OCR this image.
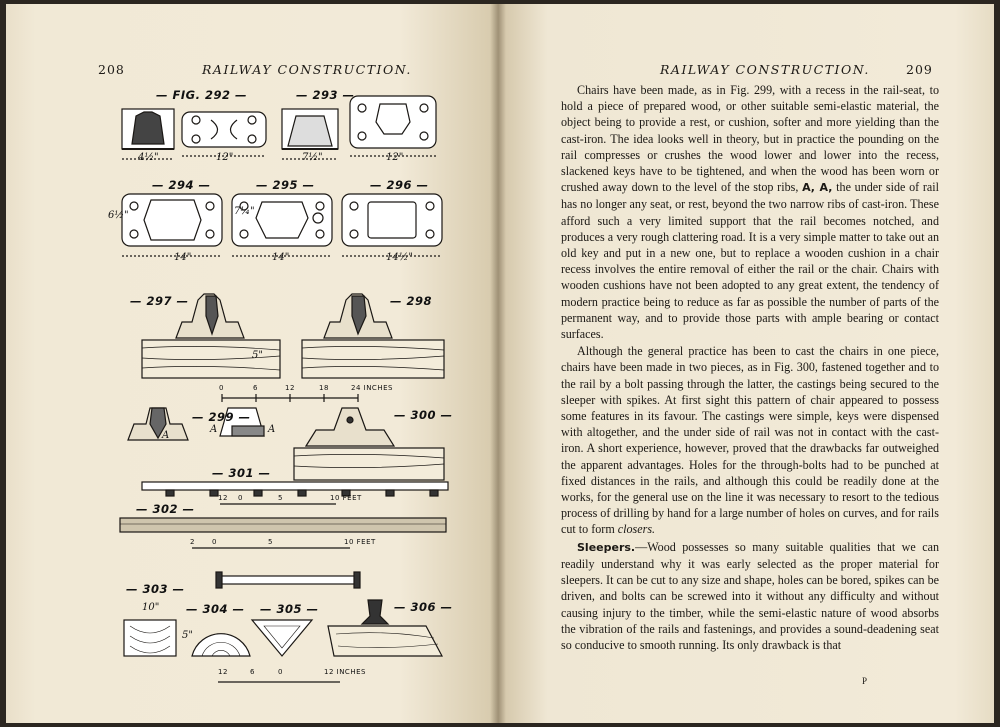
208	RAILWAY CONSTRUCTION.
— FIG. 292 —	— 293 —
— 294 —	— 295 —	— 296 —
— 297 —	— 298
— 299 —	— 300 —
— 301 —
— 302 —
— 303 —
— 304 — — 305 —	— 306 —
4½"	12"	7½"	12"
6½"
14"	14"	14½"
5"
10"
5"
7¼"
A
A	A
0	6	12	18	24 INCHES
12 0	5	10 FEET
2 0	5	10 FEET
12	6	0	12 INCHES
RAILWAY CONSTRUCTION.	209

Chairs have been made, as in Fig. 299, with a recess in the rail-seat, to hold a piece of prepared wood, or other suitable semi-elastic material, the object being to provide a rest, or cushion, softer and more yielding than the cast-iron. The idea looks well in theory, but in practice the pounding on the rail compresses or crushes the wood lower and lower into the recess, slackened keys have to be tightened, and when the wood has been worn or crushed away down to the level of the stop ribs, A, A, the under side of rail has no longer any seat, or rest, beyond the two narrow ribs of cast-iron. These afford such a very limited support that the rail becomes notched, and produces a very rough clattering road. It is a very simple matter to take out an old key and put in a new one, but to replace a wooden cushion in a chair recess involves the entire removal of either the rail or the chair. Chairs with wooden cushions have not been adopted to any great extent, the tendency of modern practice being to reduce as far as possible the number of parts of the permanent way, and to provide those parts with ample bearing or contact surfaces.

Although the general practice has been to cast the chairs in one piece, chairs have been made in two pieces, as in Fig. 300, fastened together and to the rail by a bolt passing through the latter, the castings being secured to the sleeper with spikes. At first sight this pattern of chair appeared to possess some features in its favour. The castings were simple, keys were dispensed with altogether, and the under side of rail was not in contact with the cast-iron. A short experience, however, proved that the drawbacks far outweighed the apparent advantages. Holes for the through-bolts had to be punched at fixed distances in the rails, and although this could be readily done at the works, for the general use on the line it was necessary to resort to the tedious process of drilling by hand for a large number of holes on curves, and for rails cut to form closers.

Sleepers.—Wood possesses so many suitable qualities that we can readily understand why it was early selected as the proper material for sleepers. It can be cut to any size and shape, holes can be bored, spikes can be driven, and bolts can be screwed into it without any difficulty and without causing injury to the timber, while the semi-elastic nature of wood absorbs the vibration of the rails and fastenings, and provides a sound-deadening seat so conducive to smooth running. Its only drawback is that

P
